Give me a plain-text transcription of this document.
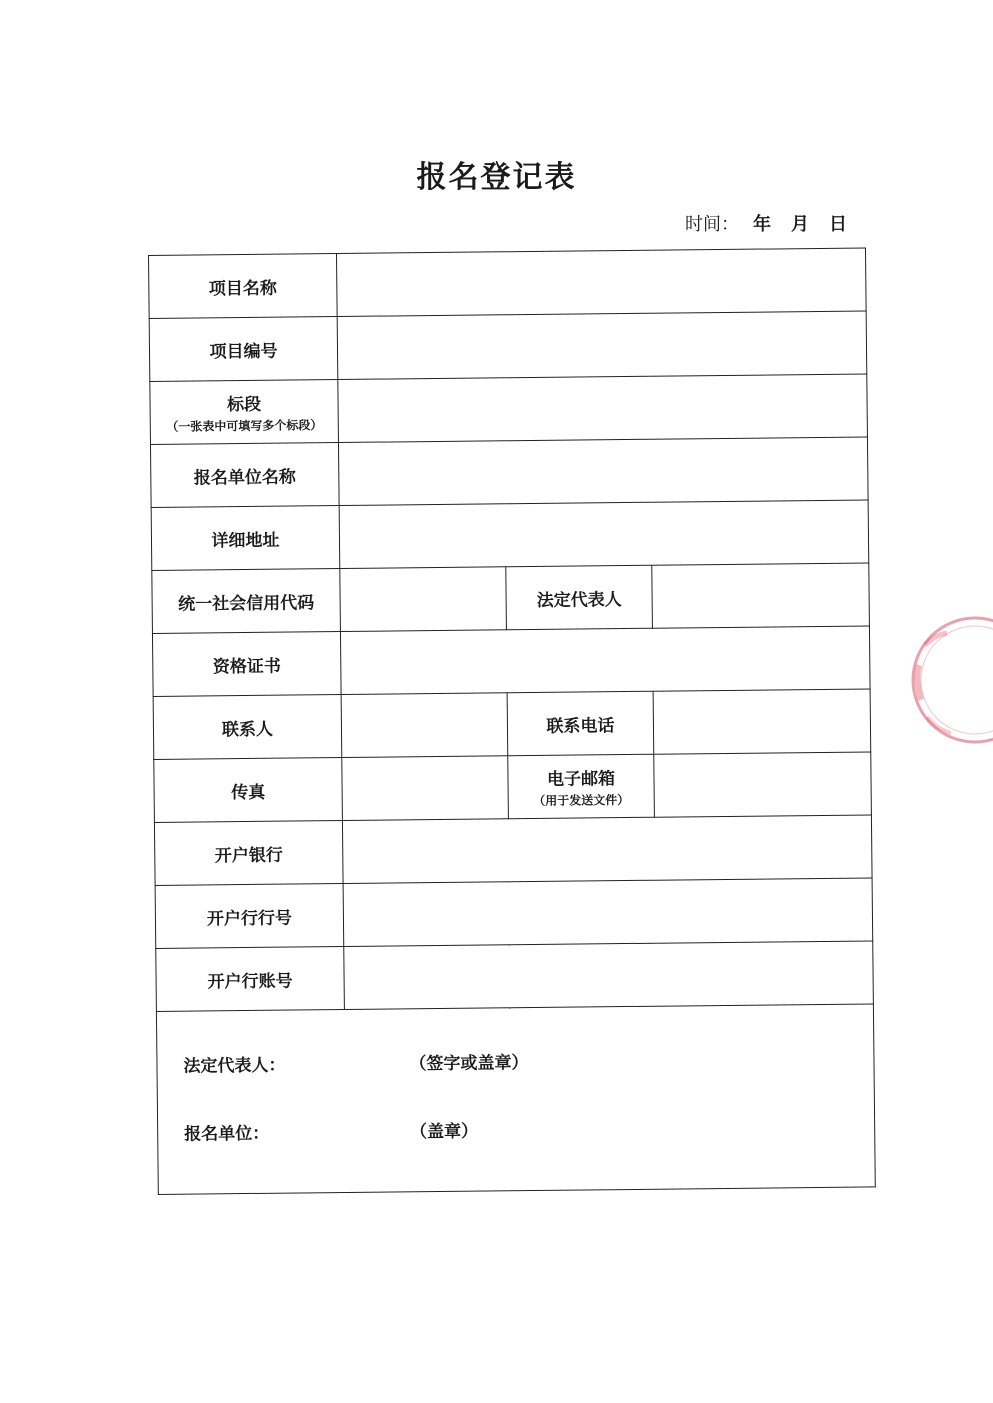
报名登记表
时间： 年 月 日
项目名称			
项目编号			
标段
（一张表中可填写多个标段）			

报名单位名称			
详细地址			
统一社会信用代码		法定代表人	
资格证书			
联系人		联系电话	
传真		电子邮箱
（用于发送文件）	

开户银行			
开户行行号			
开户行账号			
法定代表人：	（签字或盖章）
报名单位：	（盖章）
